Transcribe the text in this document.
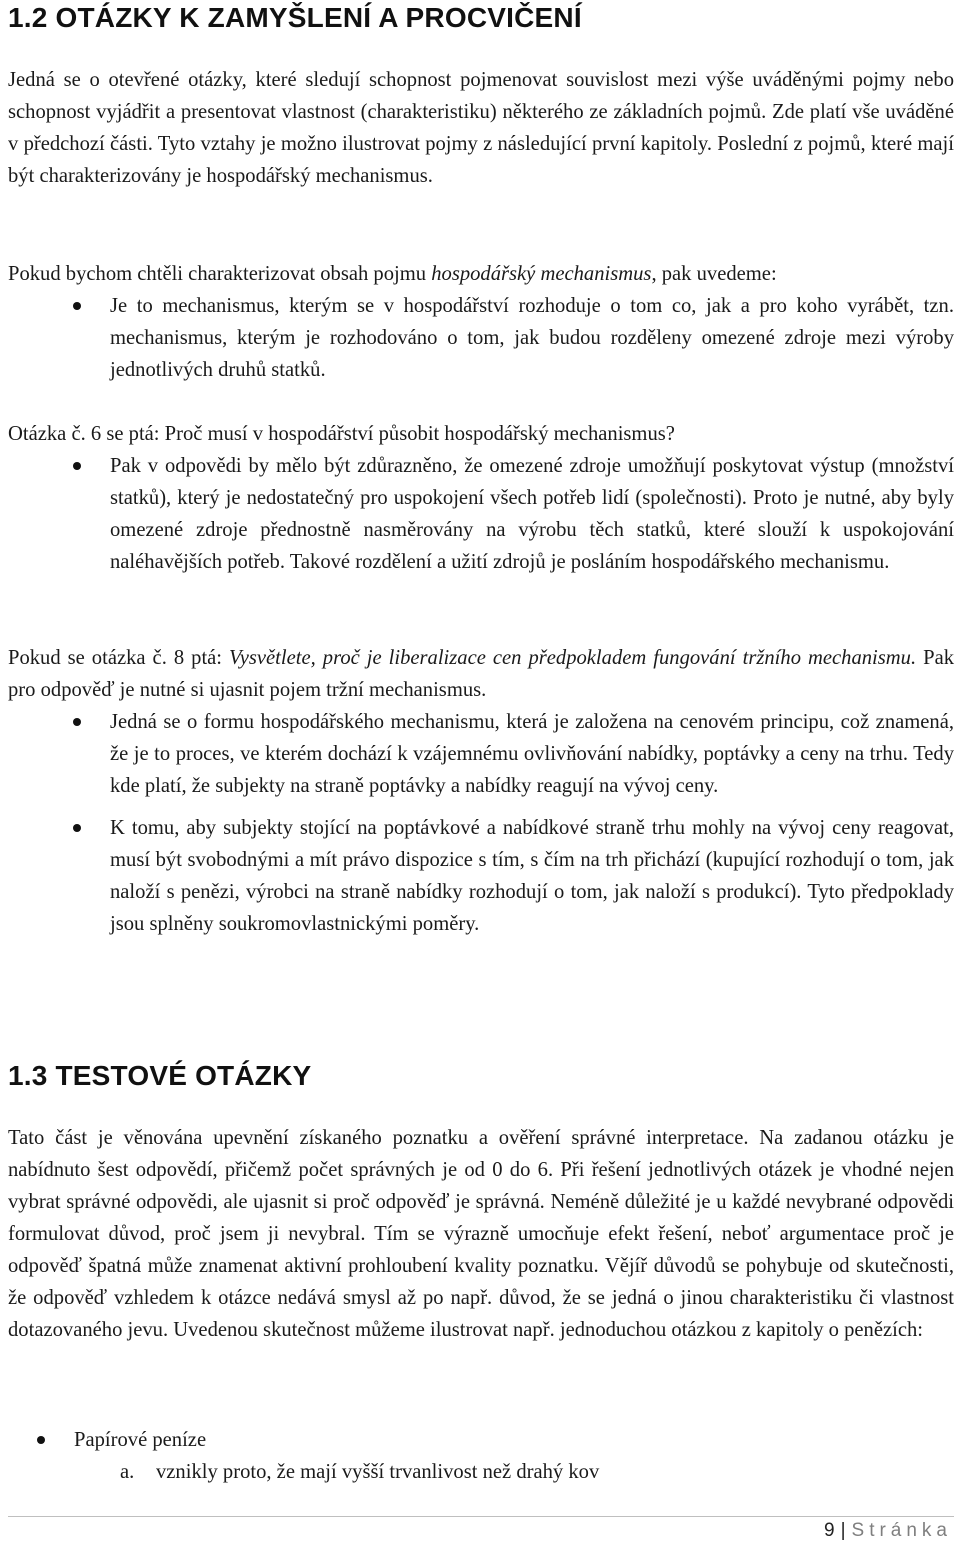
1.2 OTÁZKY K ZAMYŠLENÍ A PROCVIČENÍ

Jedná se o otevřené otázky, které sledují schopnost pojmenovat souvislost mezi výše uváděnými pojmy nebo schopnost vyjádřit a presentovat vlastnost (charakteristiku) některého ze základních pojmů. Zde platí vše uváděné v předchozí části. Tyto vztahy je možno ilustrovat pojmy z následující první kapitoly. Poslední z pojmů, které mají být charakterizovány je hospodářský mechanismus.

Pokud bychom chtěli charakterizovat obsah pojmu hospodářský mechanismus, pak uvedeme:

Je to mechanismus, kterým se v hospodářství rozhoduje o tom co, jak a pro koho vyrábět, tzn. mechanismus, kterým je rozhodováno o tom, jak budou rozděleny omezené zdroje mezi výroby jednotlivých druhů statků.

Otázka č. 6 se ptá: Proč musí v hospodářství působit hospodářský mechanismus?

Pak v odpovědi by mělo být zdůrazněno, že omezené zdroje umožňují poskytovat výstup (množství statků), který je nedostatečný pro uspokojení všech potřeb lidí (společnosti). Proto je nutné, aby byly omezené zdroje přednostně nasměrovány na výrobu těch statků, které slouží k uspokojování naléhavějších potřeb. Takové rozdělení a užití zdrojů je posláním hospodářského mechanismu.

Pokud se otázka č. 8 ptá: Vysvětlete, proč je liberalizace cen předpokladem fungování tržního mechanismu. Pak pro odpověď je nutné si ujasnit pojem tržní mechanismus.

Jedná se o formu hospodářského mechanismu, která je založena na cenovém principu, což znamená, že je to proces, ve kterém dochází k vzájemnému ovlivňování nabídky, poptávky a ceny na trhu. Tedy kde platí, že subjekty na straně poptávky a nabídky reagují na vývoj ceny.
K tomu, aby subjekty stojící na poptávkové a nabídkové straně trhu mohly na vývoj ceny reagovat, musí být svobodnými a mít právo dispozice s tím, s čím na trh přichází (kupující rozhodují o tom, jak naloží s penězi, výrobci na straně nabídky rozhodují o tom, jak naloží s produkcí). Tyto předpoklady jsou splněny soukromovlastnickými poměry.
1.3 TESTOVÉ OTÁZKY

Tato část je věnována upevnění získaného poznatku a ověření správné interpretace. Na zadanou otázku je nabídnuto šest odpovědí, přičemž počet správných je od 0 do 6. Při řešení jednotlivých otázek je vhodné nejen vybrat správné odpovědi, ale ujasnit si proč odpověď je správná. Neméně důležité je u každé nevybrané odpovědi formulovat důvod, proč jsem ji nevybral. Tím se výrazně umocňuje efekt řešení, neboť argumentace proč je odpověď špatná může znamenat aktivní prohloubení kvality poznatku. Vějíř důvodů se pohybuje od skutečnosti, že odpověď vzhledem k otázce nedává smysl až po např. důvod, že se jedná o jinou charakteristiku či vlastnost dotazovaného jevu. Uvedenou skutečnost můžeme ilustrovat např. jednoduchou otázkou z kapitoly o penězích:

Papírové peníze
a. vznikly proto, že mají vyšší trvanlivost než drahý kov
9 | Stránka
